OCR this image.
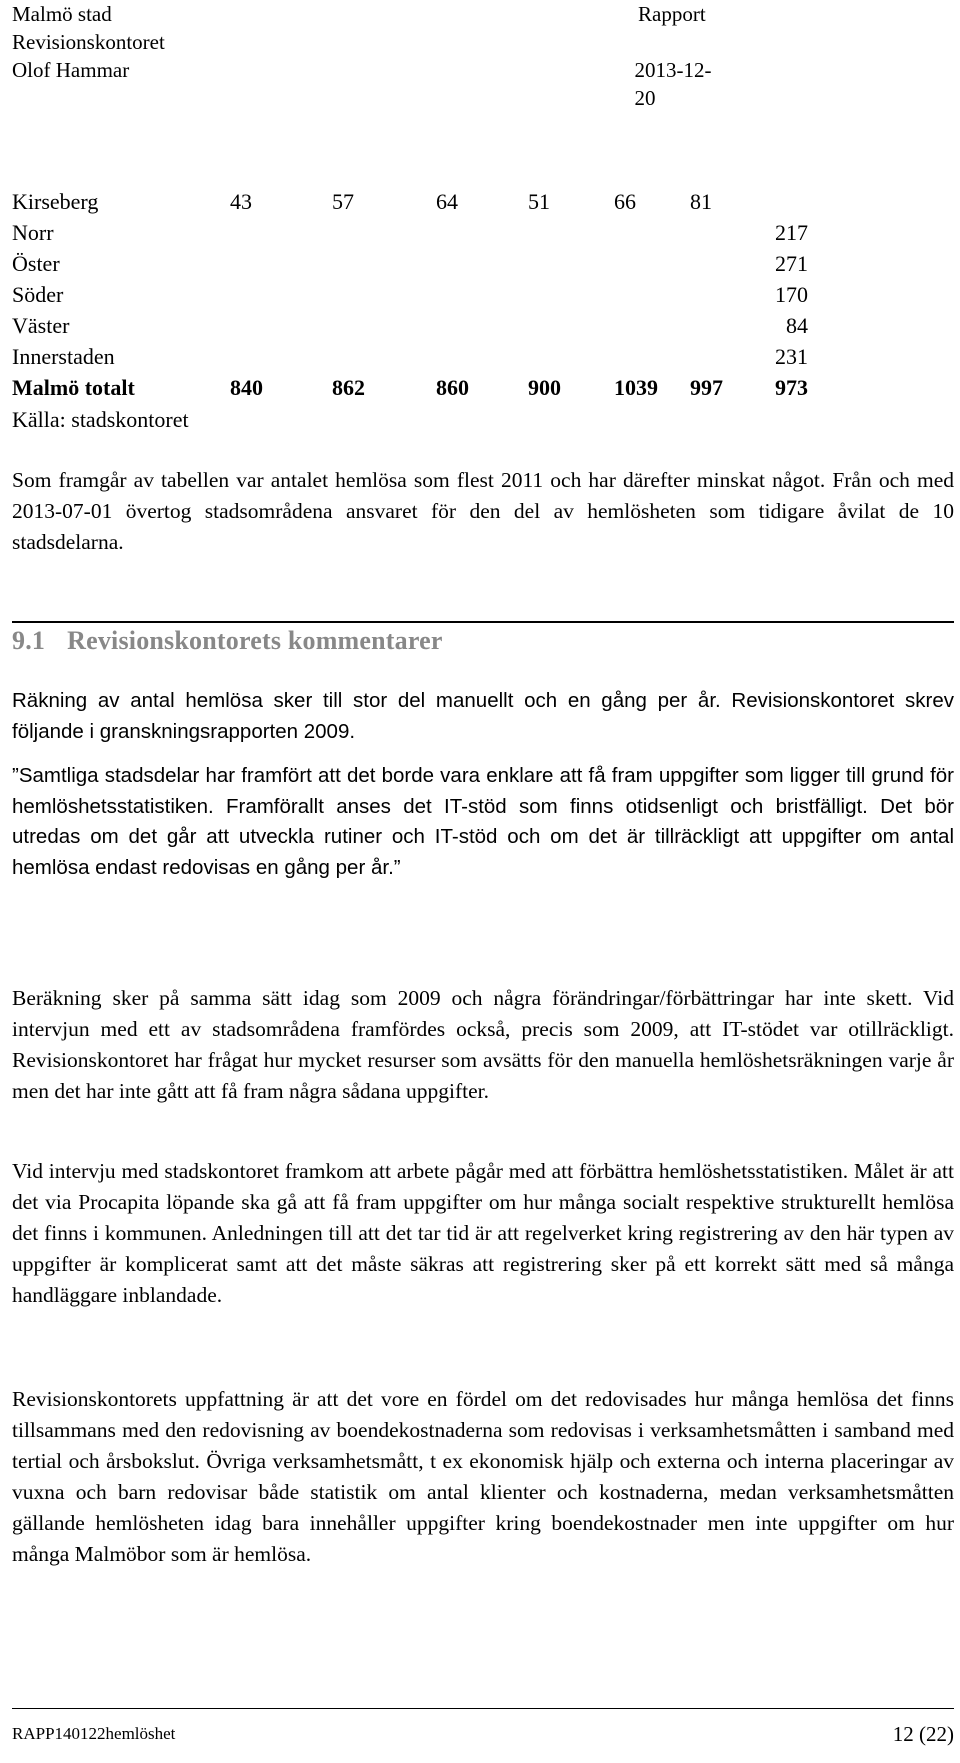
Malmö stad	Rapport
Revisionskontoret
Olof Hammar	2013-12-20
Kirseberg	43	57	64	51	66	81	
Norr							217
Öster							271
Söder							170
Väster							84
Innerstaden							231
Malmö totalt	840	862	860	900	1039	997	973
Källa: stadskontoret
Som framgår av tabellen var antalet hemlösa som flest 2011 och har därefter minskat något. Från och med 2013-07-01 övertog stadsområdena ansvaret för den del av hemlösheten som tidigare åvilat de 10 stadsdelarna.
9.1 Revisionskontorets kommentarer
Räkning av antal hemlösa sker till stor del manuellt och en gång per år. Revisionskontoret skrev följande i granskningsrapporten 2009.
”Samtliga stadsdelar har framfört att det borde vara enklare att få fram uppgifter som ligger till grund för hemlöshetsstatistiken. Framförallt anses det IT-stöd som finns otidsenligt och bristfälligt. Det bör utredas om det går att utveckla rutiner och IT-stöd och om det är tillräckligt att uppgifter om antal hemlösa endast redovisas en gång per år.”
Beräkning sker på samma sätt idag som 2009 och några förändringar/förbättringar har inte skett. Vid intervjun med ett av stadsområdena framfördes också, precis som 2009, att IT-stödet var otillräckligt. Revisionskontoret har frågat hur mycket resurser som avsätts för den manuella hemlöshetsräkningen varje år men det har inte gått att få fram några sådana uppgifter.
Vid intervju med stadskontoret framkom att arbete pågår med att förbättra hemlöshetsstatistiken. Målet är att det via Procapita löpande ska gå att få fram uppgifter om hur många socialt respektive strukturellt hemlösa det finns i kommunen. Anledningen till att det tar tid är att regelverket kring registrering av den här typen av uppgifter är komplicerat samt att det måste säkras att registrering sker på ett korrekt sätt med så många handläggare inblandade.
Revisionskontorets uppfattning är att det vore en fördel om det redovisades hur många hemlösa det finns tillsammans med den redovisning av boendekostnaderna som redovisas i verksamhetsmåtten i samband med tertial och årsbokslut. Övriga verksamhetsmått, t ex ekonomisk hjälp och externa och interna placeringar av vuxna och barn redovisar både statistik om antal klienter och kostnaderna, medan verksamhetsmåtten gällande hemlösheten idag bara innehåller uppgifter kring boendekostnader men inte uppgifter om hur många Malmöbor som är hemlösa.
RAPP140122hemlöshet	12 (22)
